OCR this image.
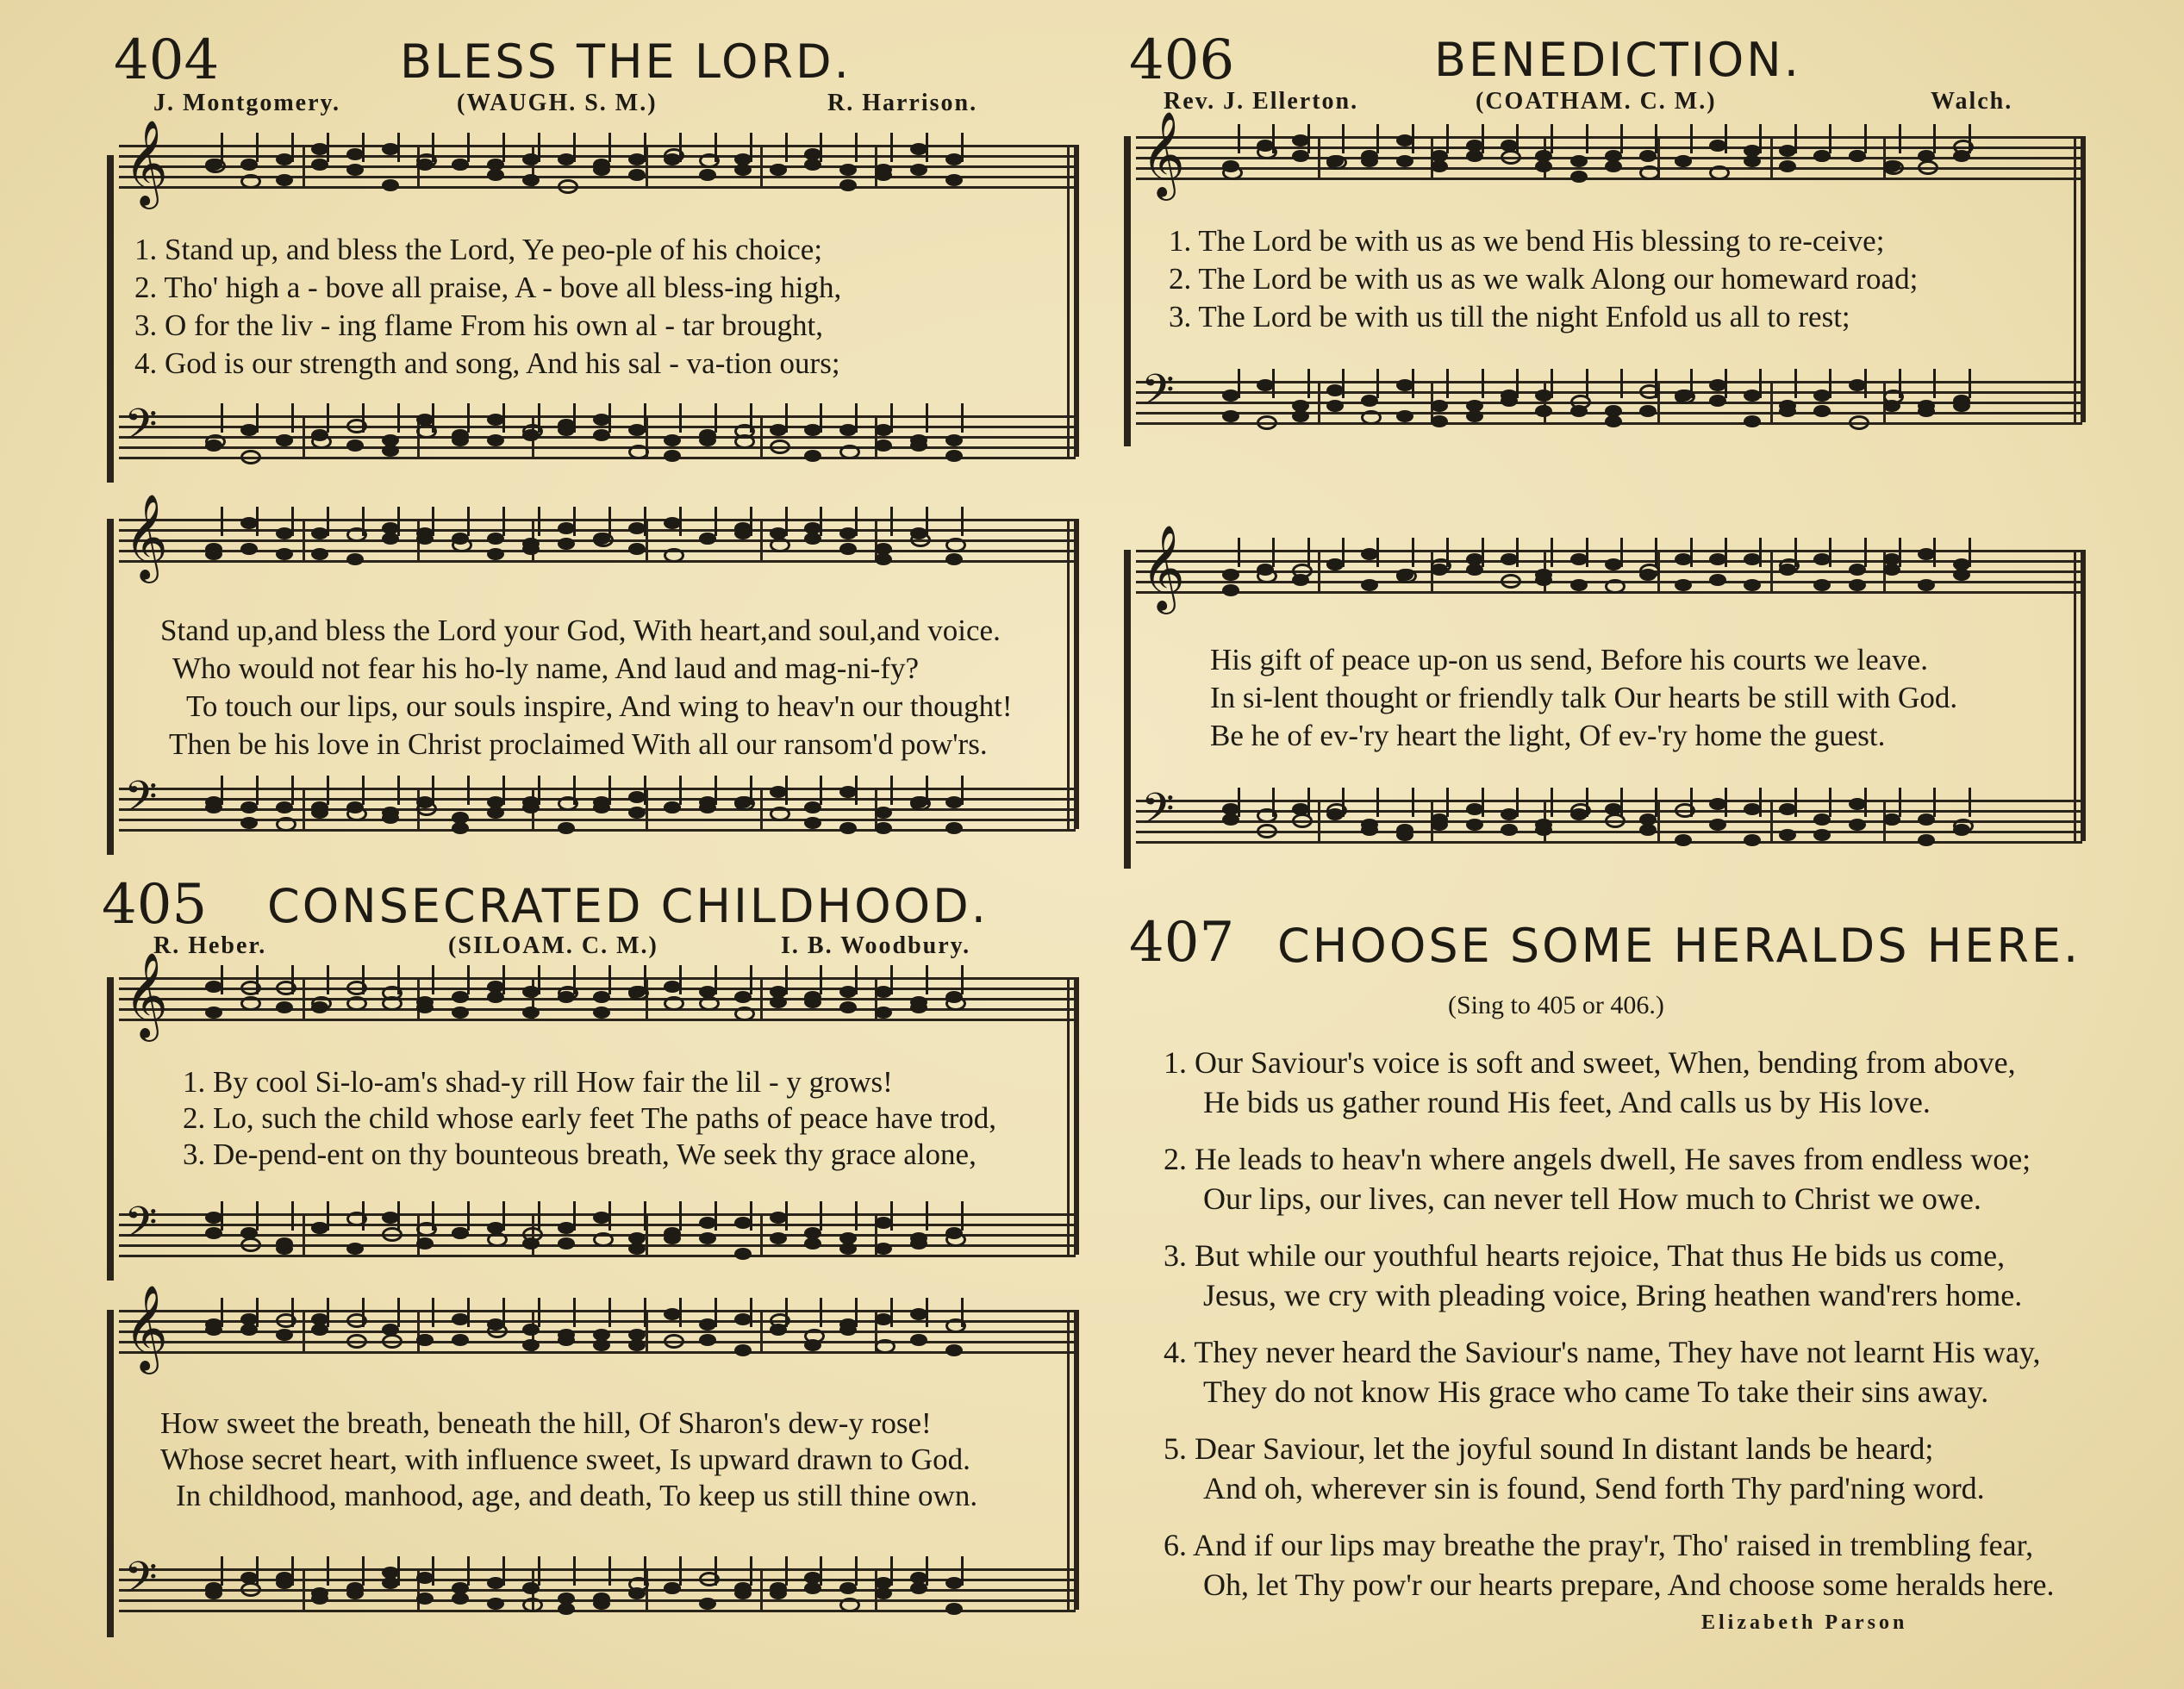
404	BLESS THE LORD.
J. Montgomery.	(WAUGH. S. M.)	R. Harrison.
𝄞
𝄢
1. Stand up, and bless the Lord, Ye peo-ple of his choice;
2. Tho' high a - bove all praise, A - bove all bless-ing high,
3. O for the liv - ing flame From his own al - tar brought,
4. God is our strength and song, And his sal - va-tion ours;
𝄞
𝄢
Stand up,and bless the Lord your God, With heart,and soul,and voice.
Who would not fear his ho-ly name, And laud and mag-ni-fy?
To touch our lips, our souls inspire, And wing to heav'n our thought!
Then be his love in Christ proclaimed With all our ransom'd pow'rs.
405 CONSECRATED CHILDHOOD.
R. Heber.	(SILOAM. C. M.)	I. B. Woodbury.
𝄞
𝄢
1. By cool Si-lo-am's shad-y rill How fair the lil - y grows!
2. Lo, such the child whose early feet The paths of peace have trod,
3. De-pend-ent on thy bounteous breath, We seek thy grace alone,
𝄞
𝄢
How sweet the breath, beneath the hill, Of Sharon's dew-y rose!
Whose secret heart, with influence sweet, Is upward drawn to God.
In childhood, manhood, age, and death, To keep us still thine own.
406	BENEDICTION.
Rev. J. Ellerton.	(COATHAM. C. M.)	Walch.
𝄞
𝄢
1. The Lord be with us as we bend His blessing to re-ceive;
2. The Lord be with us as we walk Along our homeward road;
3. The Lord be with us till the night Enfold us all to rest;
𝄞
𝄢
His gift of peace up-on us send, Before his courts we leave.
In si-lent thought or friendly talk Our hearts be still with God.
Be he of ev-'ry heart the light, Of ev-'ry home the guest.
407 CHOOSE SOME HERALDS HERE.
(Sing to 405 or 406.)
1. Our Saviour's voice is soft and sweet, When, bending from above,
He bids us gather round His feet, And calls us by His love.
2. He leads to heav'n where angels dwell, He saves from endless woe;
Our lips, our lives, can never tell How much to Christ we owe.
3. But while our youthful hearts rejoice, That thus He bids us come,
Jesus, we cry with pleading voice, Bring heathen wand'rers home.
4. They never heard the Saviour's name, They have not learnt His way,
They do not know His grace who came To take their sins away.
5. Dear Saviour, let the joyful sound In distant lands be heard;
And oh, wherever sin is found, Send forth Thy pard'ning word.
6. And if our lips may breathe the pray'r, Tho' raised in trembling fear,
Oh, let Thy pow'r our hearts prepare, And choose some heralds here.
Elizabeth Parson
